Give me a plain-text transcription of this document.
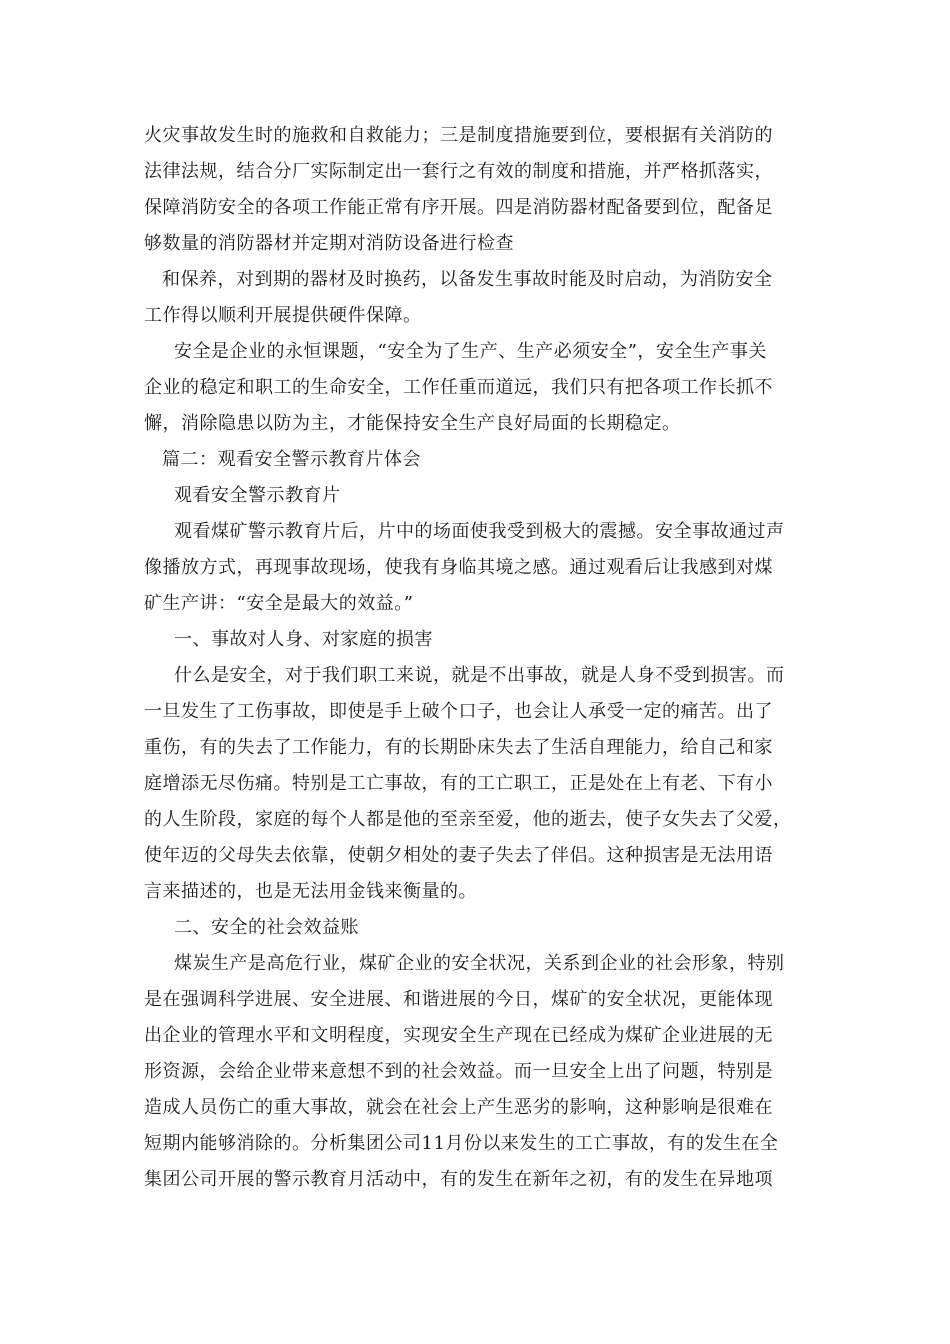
火灾事故发生时的施救和自救能力；三是制度措施要到位，要根据有关消防的

法律法规，结合分厂实际制定出一套行之有效的制度和措施，并严格抓落实，

保障消防安全的各项工作能正常有序开展。四是消防器材配备要到位，配备足

够数量的消防器材并定期对消防设备进行检查

和保养，对到期的器材及时换药，以备发生事故时能及时启动，为消防安全

工作得以顺利开展提供硬件保障。

安全是企业的永恒课题，“安全为了生产、生产必须安全”，安全生产事关

企业的稳定和职工的生命安全，工作任重而道远，我们只有把各项工作长抓不

懈，消除隐患以防为主，才能保持安全生产良好局面的长期稳定。

篇二：观看安全警示教育片体会

观看安全警示教育片

观看煤矿警示教育片后，片中的场面使我受到极大的震撼。安全事故通过声

像播放方式，再现事故现场，使我有身临其境之感。通过观看后让我感到对煤

矿生产讲：“安全是最大的效益。”

一、事故对人身、对家庭的损害

什么是安全，对于我们职工来说，就是不出事故，就是人身不受到损害。而

一旦发生了工伤事故，即使是手上破个口子，也会让人承受一定的痛苦。出了

重伤，有的失去了工作能力，有的长期卧床失去了生活自理能力，给自己和家

庭增添无尽伤痛。特别是工亡事故，有的工亡职工，正是处在上有老、下有小

的人生阶段，家庭的每个人都是他的至亲至爱，他的逝去，使子女失去了父爱，

使年迈的父母失去依靠，使朝夕相处的妻子失去了伴侣。这种损害是无法用语

言来描述的，也是无法用金钱来衡量的。

二、安全的社会效益账

煤炭生产是高危行业，煤矿企业的安全状况，关系到企业的社会形象，特别

是在强调科学进展、安全进展、和谐进展的今日，煤矿的安全状况，更能体现

出企业的管理水平和文明程度，实现安全生产现在已经成为煤矿企业进展的无

形资源，会给企业带来意想不到的社会效益。而一旦安全上出了问题，特别是

造成人员伤亡的重大事故，就会在社会上产生恶劣的影响，这种影响是很难在

短期内能够消除的。分析集团公司11月份以来发生的工亡事故，有的发生在全

集团公司开展的警示教育月活动中，有的发生在新年之初，有的发生在异地项
